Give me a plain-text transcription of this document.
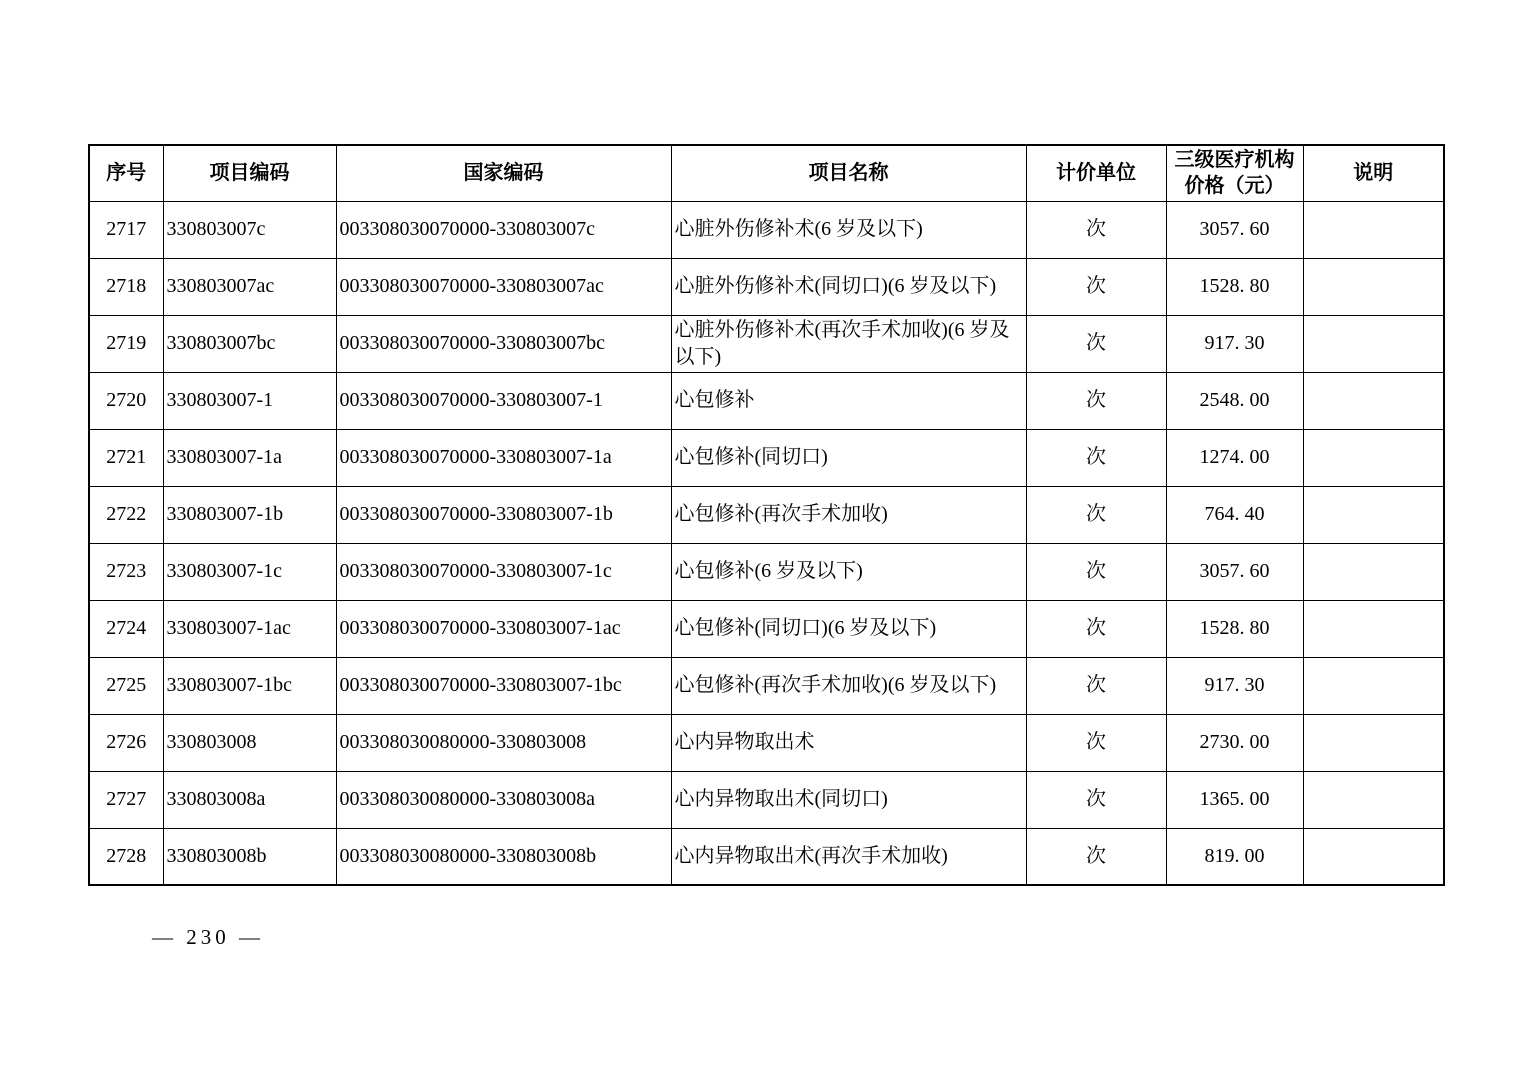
序号	项目编码	国家编码	项目名称	计价单位	三级医疗机构价格（元）	说明
2717	330803007c	003308030070000-330803007c	心脏外伤修补术(6 岁及以下)	次	3057. 60	
2718	330803007ac	003308030070000-330803007ac	心脏外伤修补术(同切口)(6 岁及以下)	次	1528. 80	
2719	330803007bc	003308030070000-330803007bc	心脏外伤修补术(再次手术加收)(6 岁及以下)	次	917. 30	
2720	330803007-1	003308030070000-330803007-1	心包修补	次	2548. 00	
2721	330803007-1a	003308030070000-330803007-1a	心包修补(同切口)	次	1274. 00	
2722	330803007-1b	003308030070000-330803007-1b	心包修补(再次手术加收)	次	764. 40	
2723	330803007-1c	003308030070000-330803007-1c	心包修补(6 岁及以下)	次	3057. 60	
2724	330803007-1ac	003308030070000-330803007-1ac	心包修补(同切口)(6 岁及以下)	次	1528. 80	
2725	330803007-1bc	003308030070000-330803007-1bc	心包修补(再次手术加收)(6 岁及以下)	次	917. 30	
2726	330803008	003308030080000-330803008	心内异物取出术	次	2730. 00	
2727	330803008a	003308030080000-330803008a	心内异物取出术(同切口)	次	1365. 00	
2728	330803008b	003308030080000-330803008b	心内异物取出术(再次手术加收)	次	819. 00	
— 230 —
